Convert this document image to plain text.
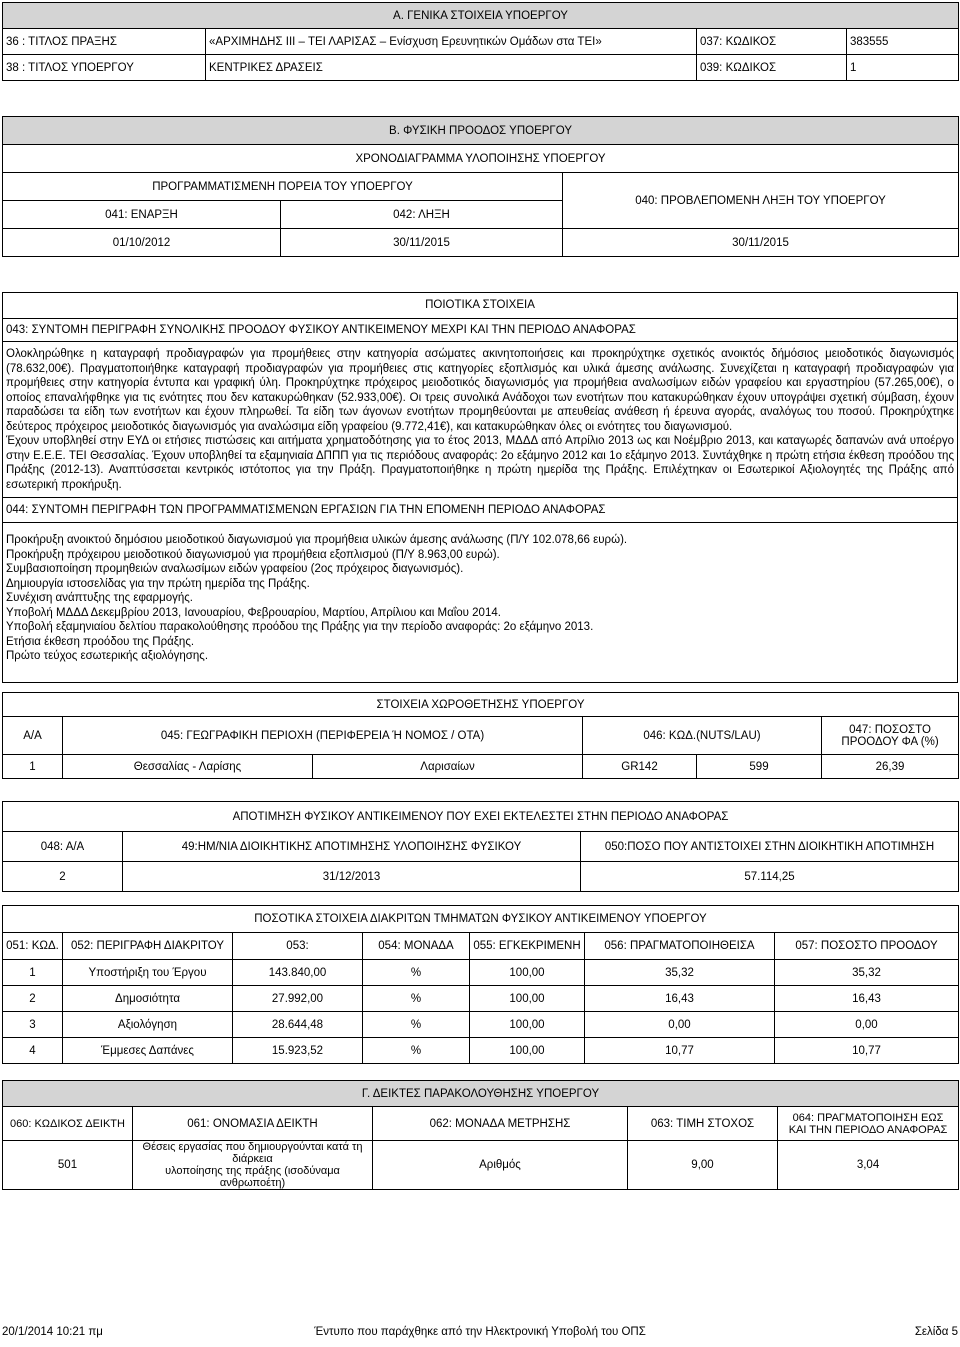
Α. ΓΕΝΙΚΑ ΣΤΟΙΧΕΙΑ ΥΠΟΕΡΓΟΥ			
36 : ΤΙΤΛΟΣ ΠΡΑΞΗΣ	«ΑΡΧΙΜΗΔΗΣ ΙΙΙ – ΤΕΙ ΛΑΡΙΣΑΣ – Ενίσχυση Ερευνητικών Ομάδων στα ΤΕΙ»	037: ΚΩΔΙΚΟΣ	383555
38 : ΤΙΤΛΟΣ ΥΠΟΕΡΓΟΥ	ΚΕΝΤΡΙΚΕΣ ΔΡΑΣΕΙΣ	039: ΚΩΔΙΚΟΣ	1
Β. ΦΥΣΙΚΗ ΠΡΟΟΔΟΣ ΥΠΟΕΡΓΟΥ		
ΧΡΟΝΟΔΙΑΓΡΑΜΜΑ ΥΛΟΠΟΙΗΣΗΣ ΥΠΟΕΡΓΟΥ		
ΠΡΟΓΡΑΜΜΑΤΙΣΜΕΝΗ ΠΟΡΕΙΑ ΤΟΥ ΥΠΟΕΡΓΟΥ		040: ΠΡΟΒΛΕΠΟΜΕΝΗ ΛΗΞΗ ΤΟΥ ΥΠΟΕΡΓΟΥ
041: ΕΝΑΡΞΗ	042: ΛΗΞΗ	
01/10/2012	30/11/2015	30/11/2015
ΠΟΙΟΤΙΚΑ ΣΤΟΙΧΕΙΑ
043: ΣΥΝΤΟΜΗ ΠΕΡΙΓΡΑΦΗ ΣΥΝΟΛΙΚΗΣ ΠΡΟΟΔΟΥ ΦΥΣΙΚΟΥ ΑΝΤΙΚΕΙΜΕΝΟΥ ΜΕΧΡΙ ΚΑΙ ΤΗΝ ΠΕΡΙΟΔΟ ΑΝΑΦΟΡΑΣ
Ολοκληρώθηκε η καταγραφή προδιαγραφών για προμήθειες στην κατηγορία ασώματες ακινητοποιήσεις και προκηρύχτηκε σχετικός ανοικτός δήμόσιος μειοδοτικός διαγωνισμός (78.632,00€). Πραγματοποιήθηκε καταγραφή προδιαγραφών για προμήθειες στις κατηγορίες εξοπλισμός και υλικά άμεσης ανάλωσης. Συνεχίζεται η καταγραφή προδιαγραφών για προμήθειες στην κατηγορία έντυπα και γραφική ύλη. Προκηρύχτηκε πρόχειρος μειοδοτικός διαγωνισμός για προμήθεια αναλωσίμων ειδών γραφείου και εργαστηρίου (57.265,00€), ο οποίος επαναλήφθηκε για τις ενότητες που δεν κατακυρώθηκαν (52.933,00€). Οι τρεις συνολικά Ανάδοχοι των ενοτήτων που κατακυρώθηκαν έχουν υπογράψει σχετική σύμβαση, έχουν παραδώσει τα είδη των ενοτήτων και έχουν πληρωθεί. Τα είδη των άγονων ενοτήτων προμηθεύονται με απευθείας ανάθεση ή έρευνα αγοράς, αναλόγως του ποσού. Προκηρύχτηκε δεύτερος πρόχειρος μειοδοτικός διαγωνισμός για αναλώσιμα είδη γραφείου (9.772,41€), και κατακυρώθηκαν όλες οι ενότητες του διαγωνισμού.
Έχουν υποβληθεί στην ΕΥΔ οι ετήσιες πιστώσεις και αιτήματα χρηματοδότησης για το έτος 2013, ΜΔΔΔ από Απρίλιο 2013 ως και Νοέμβριο 2013, και καταγωρές δαπανών ανά υποέργο στην Ε.Ε.Ε. ΤΕΙ Θεσσαλίας. Έχουν υποβληθεί τα εξαμηνιαία ΔΠΠΠ για τις περιόδους αναφοράς: 2ο εξάμηνο 2012 και 1ο εξάμηνο 2013. Συντάχθηκε η πρώτη ετήσια έκθεση προόδου της Πράξης (2012-13). Αναπτύσσεται κεντρικός ιστότοπος για την Πράξη. Πραγματοποιήθηκε η πρώτη ημερίδα της Πράξης. Επιλέχτηκαν οι Εσωτερικοί Αξιολογητές της Πράξης από εσωτερική προκήρυξη.
044: ΣΥΝΤΟΜΗ ΠΕΡΙΓΡΑΦΗ ΤΩΝ ΠΡΟΓΡΑΜΜΑΤΙΣΜΕΝΩΝ ΕΡΓΑΣΙΩΝ ΓΙΑ ΤΗΝ ΕΠΟΜΕΝΗ ΠΕΡΙΟΔΟ ΑΝΑΦΟΡΑΣ
Προκήρυξη ανοικτού δημόσιου μειοδοτικού διαγωνισμού για προμήθεια υλικών άμεσης ανάλωσης (Π/Υ 102.078,66 ευρώ).
Προκήρυξη πρόχειρου μειοδοτικού διαγωνισμού για προμήθεια εξοπλισμού (Π/Υ 8.963,00 ευρώ).
Συμβασιοποίηση προμηθειών αναλωσίμων ειδών γραφείου (2ος πρόχειρος διαγωνισμός).
Δημιουργία ιστοσελίδας για την πρώτη ημερίδα της Πράξης.
Συνέχιση ανάπτυξης της εφαρμογής.
Υποβολή ΜΔΔΔ Δεκεμβρίου 2013, Ιανουαρίου, Φεβρουαρίου, Μαρτίου, Απρίλιου και Μαΐου 2014.
Υποβολή εξαμηνιαίου δελτίου παρακολούθησης προόδου της Πράξης για την περίοδο αναφοράς: 2ο εξάμηνο 2013.
Ετήσια έκθεση προόδου της Πράξης.
Πρώτο τεύχος εσωτερικής αξιολόγησης.
ΣΤΟΙΧΕΙΑ ΧΩΡΟΘΕΤΗΣΗΣ ΥΠΟΕΡΓΟΥ					
Α/Α	045: ΓΕΩΓΡΑΦΙΚΗ ΠΕΡΙΟΧΗ (ΠΕΡΙΦΕΡΕΙΑ Ή ΝΟΜΟΣ / ΟΤΑ)		046: ΚΩΔ.(NUTS/LAU)		047: ΠΟΣΟΣΤΟ
ΠΡΟΟΔΟΥ ΦΑ (%)

1	Θεσσαλίας - Λαρίσης	Λαρισαίων	GR142	599	26,39
ΑΠΟΤΙΜΗΣΗ ΦΥΣΙΚΟΥ ΑΝΤΙΚΕΙΜΕΝΟΥ ΠΟΥ ΕΧΕΙ ΕΚΤΕΛΕΣΤΕΙ ΣΤΗΝ ΠΕΡΙΟΔΟ ΑΝΑΦΟΡΑΣ		
048: Α/Α	49:ΗΜ/ΝΙΑ ΔΙΟΙΚΗΤΙΚΗΣ ΑΠΟΤΙΜΗΣΗΣ ΥΛΟΠΟΙΗΣΗΣ ΦΥΣΙΚΟΥ	050:ΠΟΣΟ ΠΟΥ ΑΝΤΙΣΤΟΙΧΕΙ ΣΤΗΝ ΔΙΟΙΚΗΤΙΚΗ ΑΠΟΤΙΜΗΣΗ
2	31/12/2013	57.114,25
ΠΟΣΟΤΙΚΑ ΣΤΟΙΧΕΙΑ ΔΙΑΚΡΙΤΩΝ ΤΜΗΜΑΤΩΝ ΦΥΣΙΚΟΥ ΑΝΤΙΚΕΙΜΕΝΟΥ ΥΠΟΕΡΓΟΥ						
051: ΚΩΔ.	052: ΠΕΡΙΓΡΑΦΗ ΔΙΑΚΡΙΤΟΥ	053:	054: ΜΟΝΑΔΑ	055: ΕΓΚΕΚΡΙΜΕΝΗ	056: ΠΡΑΓΜΑΤΟΠΟΙΗΘΕΙΣΑ	057: ΠΟΣΟΣΤΟ ΠΡΟΟΔΟΥ
1	Υποστήριξη του Έργου	143.840,00	%	100,00	35,32	35,32
2	Δημοσιότητα	27.992,00	%	100,00	16,43	16,43
3	Αξιολόγηση	28.644,48	%	100,00	0,00	0,00
4	Έμμεσες Δαπάνες	15.923,52	%	100,00	10,77	10,77
Γ. ΔΕΙΚΤΕΣ ΠΑΡΑΚΟΛΟΥΘΗΣΗΣ ΥΠΟΕΡΓΟΥ				
060: ΚΩΔΙΚΟΣ ΔΕΙΚΤΗ	061: ΟΝΟΜΑΣΙΑ ΔΕΙΚΤΗ	062: ΜΟΝΑΔΑ ΜΕΤΡΗΣΗΣ	063: ΤΙΜΗ ΣΤΟΧΟΣ	064: ΠΡΑΓΜΑΤΟΠΟΙΗΣΗ ΕΩΣ
ΚΑΙ ΤΗΝ ΠΕΡΙΟΔΟ ΑΝΑΦΟΡΑΣ

501	Θέσεις εργασίας που δημιουργούνται κατά τη διάρκεια
υλοποίησης της πράξης (ισοδύναμα ανθρωποέτη)	Αριθμός	9,00	3,04
20/1/2014 10:21 πμ	Έντυπο που παράχθηκε από την Ηλεκτρονική Υποβολή του ΟΠΣ	Σελίδα 5
